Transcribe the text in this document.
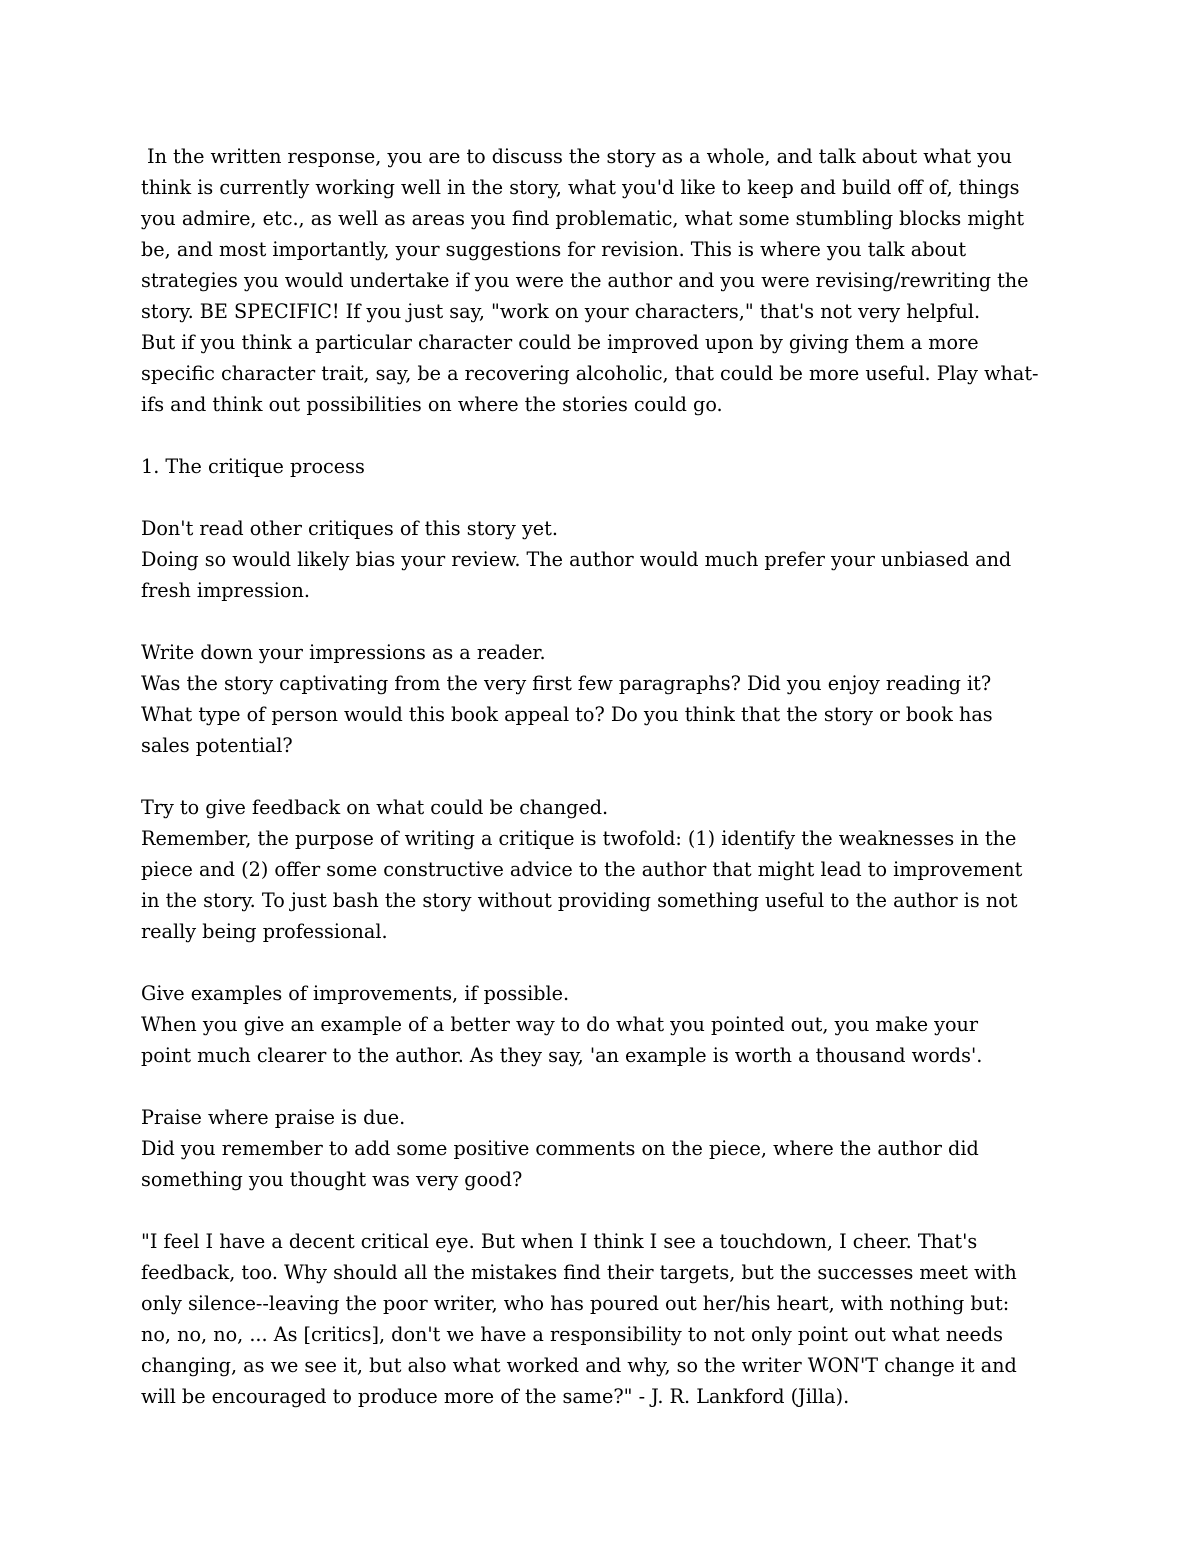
In the written response, you are to discuss the story as a whole, and talk about what you
think is currently working well in the story, what you'd like to keep and build off of, things
you admire, etc., as well as areas you find problematic, what some stumbling blocks might
be, and most importantly, your suggestions for revision. This is where you talk about
strategies you would undertake if you were the author and you were revising/rewriting the
story. BE SPECIFIC! If you just say, "work on your characters," that's not very helpful.
But if you think a particular character could be improved upon by giving them a more
specific character trait, say, be a recovering alcoholic, that could be more useful. Play what-
ifs and think out possibilities on where the stories could go.

1. The critique process

Don't read other critiques of this story yet.
Doing so would likely bias your review. The author would much prefer your unbiased and
fresh impression.

Write down your impressions as a reader.
Was the story captivating from the very first few paragraphs? Did you enjoy reading it?
What type of person would this book appeal to? Do you think that the story or book has
sales potential?

Try to give feedback on what could be changed.
Remember, the purpose of writing a critique is twofold: (1) identify the weaknesses in the
piece and (2) offer some constructive advice to the author that might lead to improvement
in the story. To just bash the story without providing something useful to the author is not
really being professional.

Give examples of improvements, if possible.
When you give an example of a better way to do what you pointed out, you make your
point much clearer to the author. As they say, 'an example is worth a thousand words'.

Praise where praise is due.
Did you remember to add some positive comments on the piece, where the author did
something you thought was very good?

"I feel I have a decent critical eye. But when I think I see a touchdown, I cheer. That's
feedback, too. Why should all the mistakes find their targets, but the successes meet with
only silence--leaving the poor writer, who has poured out her/his heart, with nothing but:
no, no, no, ... As [critics], don't we have a responsibility to not only point out what needs
changing, as we see it, but also what worked and why, so the writer WON'T change it and
will be encouraged to produce more of the same?" - J. R. Lankford (Jilla).
